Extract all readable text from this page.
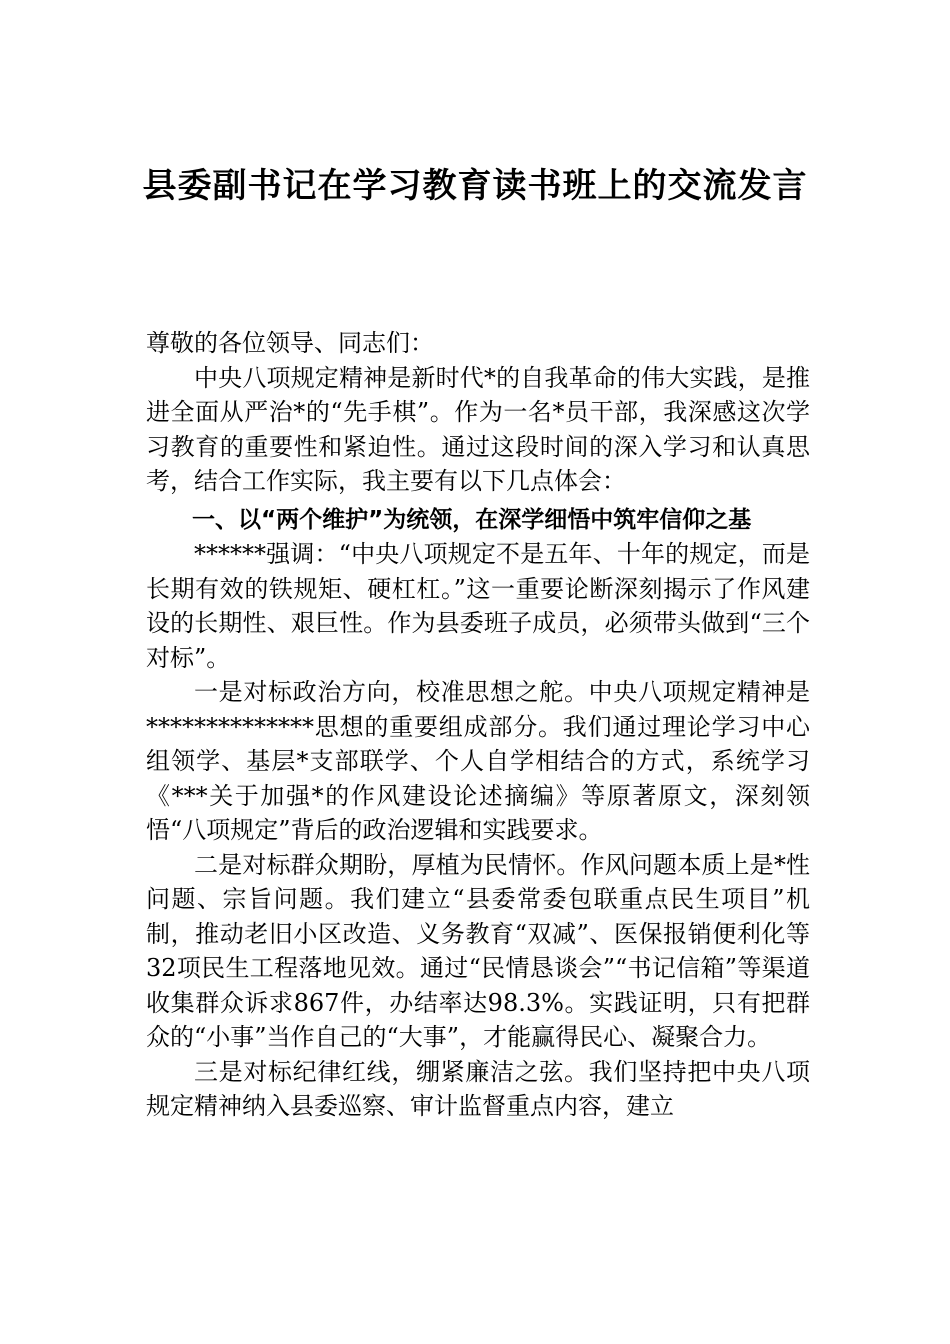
县委副书记在学习教育读书班上的交流发言

尊敬的各位领导、同志们：

中央八项规定精神是新时代*的自我革命的伟大实践，是推进全面从严治*的“先手棋”。作为一名*员干部，我深感这次学习教育的重要性和紧迫性。通过这段时间的深入学习和认真思考，结合工作实际，我主要有以下几点体会：

一、以“两个维护”为统领，在深学细悟中筑牢信仰之基

******强调：“中央八项规定不是五年、十年的规定，而是长期有效的铁规矩、硬杠杠。”这一重要论断深刻揭示了作风建设的长期性、艰巨性。作为县委班子成员，必须带头做到“三个对标”。

一是对标政治方向，校准思想之舵。中央八项规定精神是**************思想的重要组成部分。我们通过理论学习中心组领学、基层*支部联学、个人自学相结合的方式，系统学习《***关于加强*的作风建设论述摘编》等原著原文，深刻领悟“八项规定”背后的政治逻辑和实践要求。

二是对标群众期盼，厚植为民情怀。作风问题本质上是*性问题、宗旨问题。我们建立“县委常委包联重点民生项目”机制，推动老旧小区改造、义务教育“双减”、医保报销便利化等32项民生工程落地见效。通过“民情恳谈会”“书记信箱”等渠道收集群众诉求867件，办结率达98.3%。实践证明，只有把群众的“小事”当作自己的“大事”，才能赢得民心、凝聚合力。

三是对标纪律红线，绷紧廉洁之弦。我们坚持把中央八项规定精神纳入县委巡察、审计监督重点内容，建立
